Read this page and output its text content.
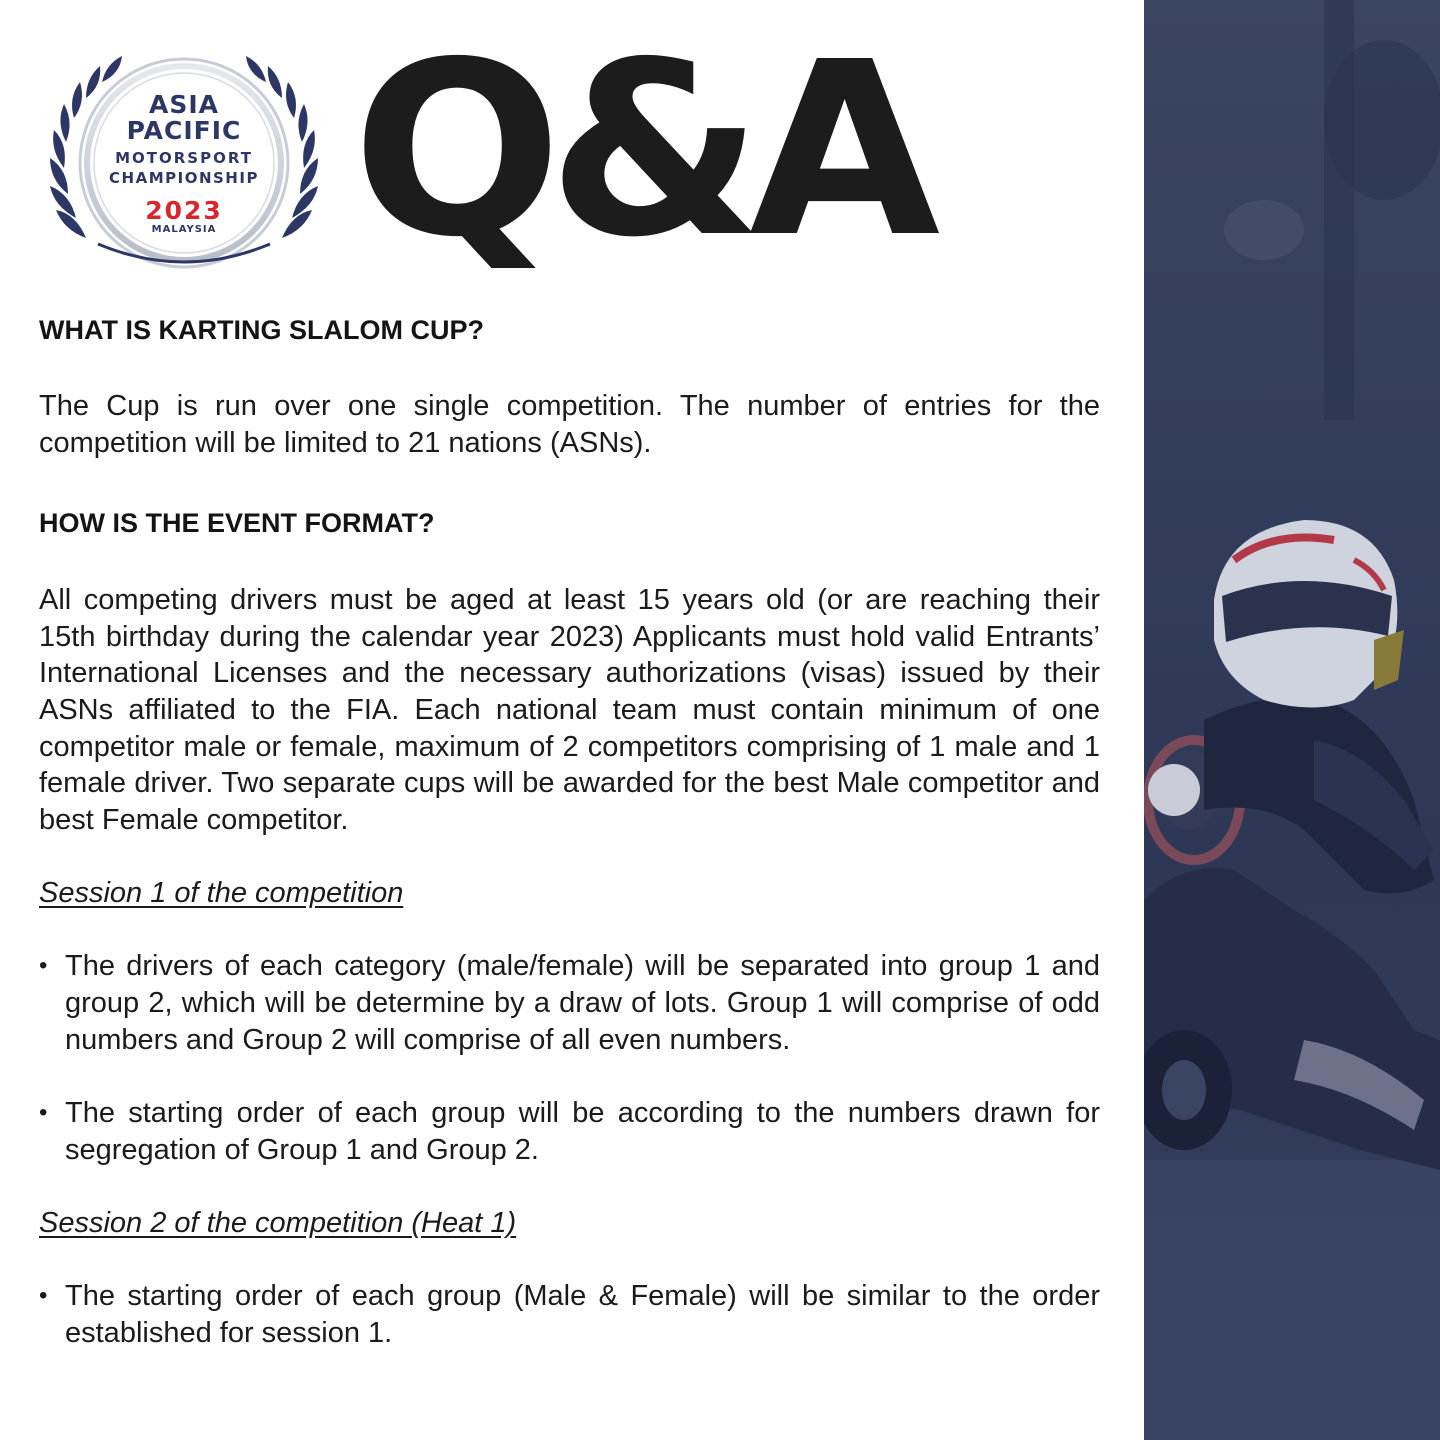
ASIA
PACIFIC
MOTORSPORT
CHAMPIONSHIP
2023
MALAYSIA Q&A

WHAT IS KARTING SLALOM CUP?

The Cup is run over one single competition. The number of entries for the competition will be limited to 21 nations (ASNs).

HOW IS THE EVENT FORMAT?

All competing drivers must be aged at least 15 years old (or are reaching their 15th birthday during the calendar year 2023) Applicants must hold valid Entrants’ International Licenses and the necessary authorizations (visas) issued by their ASNs affiliated to the FIA. Each national team must contain minimum of one competitor male or female, maximum of 2 competitors comprising of 1 male and 1 female driver. Two separate cups will be awarded for the best Male competitor and best Female competitor.

Session 1 of the competition

• The drivers of each category (male/female) will be separated into group 1 and group 2, which will be determine by a draw of lots. Group 1 will comprise of odd numbers and Group 2 will comprise of all even numbers.
• The starting order of each group will be according to the numbers drawn for segregation of Group 1 and Group 2.

Session 2 of the competition (Heat 1)

• The starting order of each group (Male & Female) will be similar to the order established for session 1.
